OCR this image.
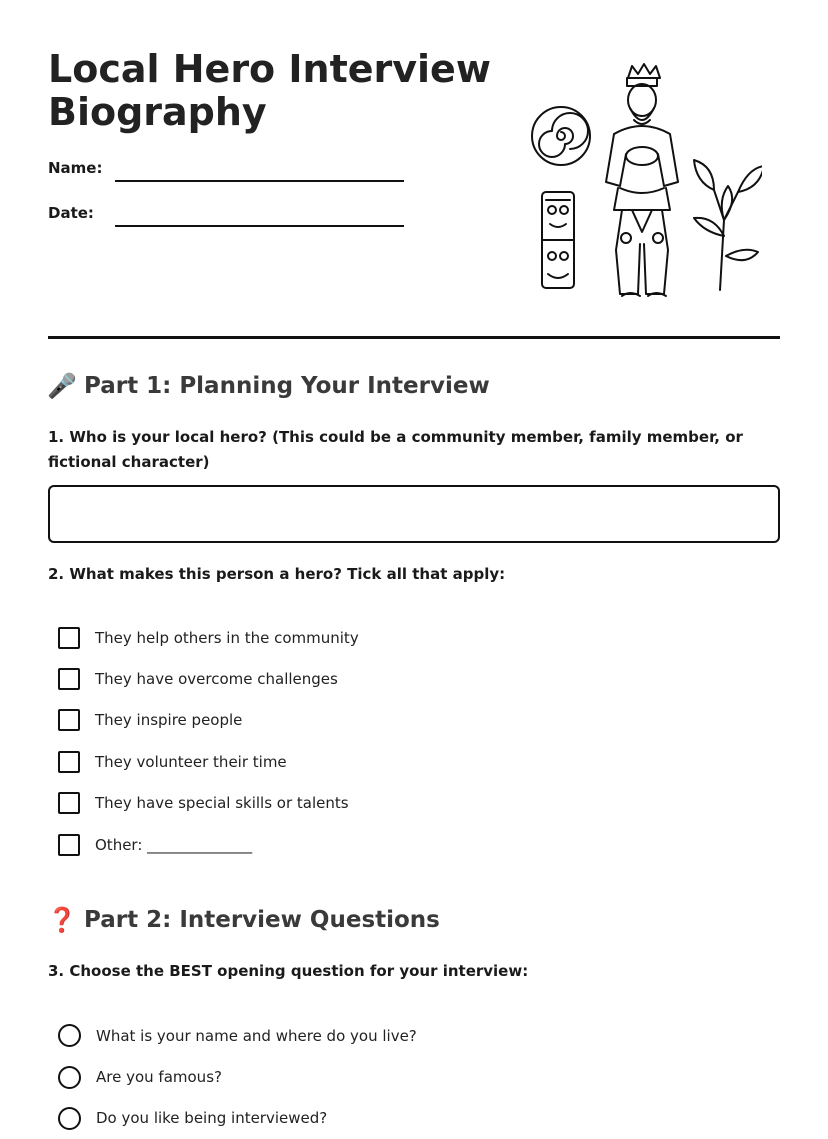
Local Hero Interview Biography
Name:
Date:
🎤 Part 1: Planning Your Interview
1. Who is your local hero? (This could be a community member, family member, or fictional character)
2. What makes this person a hero? Tick all that apply:
They help others in the community
They have overcome challenges
They inspire people
They volunteer their time
They have special skills or talents
Other: ______________
❓ Part 2: Interview Questions
3. Choose the BEST opening question for your interview:
What is your name and where do you live?
Are you famous?
Do you like being interviewed?
